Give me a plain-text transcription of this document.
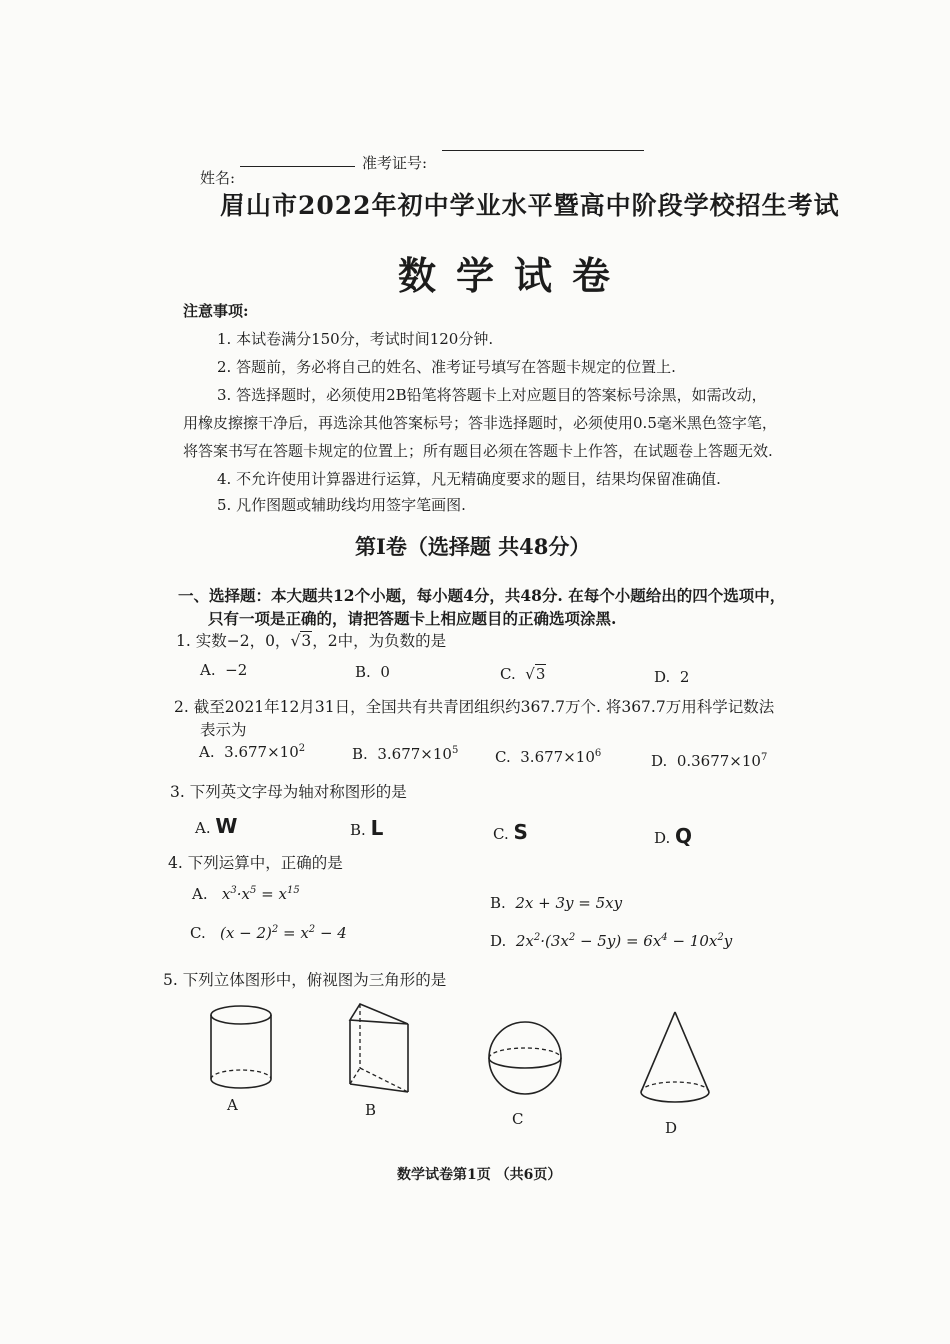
姓名:
准考证号:
眉山市2022年初中学业水平暨高中阶段学校招生考试
数学试卷
注意事项:
1. 本试卷满分150分，考试时间120分钟.
2. 答题前，务必将自己的姓名、准考证号填写在答题卡规定的位置上.
3. 答选择题时，必须使用2B铅笔将答题卡上对应题目的答案标号涂黑，如需改动，
用橡皮擦擦干净后，再选涂其他答案标号；答非选择题时，必须使用0.5毫米黑色签字笔，
将答案书写在答题卡规定的位置上；所有题目必须在答题卡上作答，在试题卷上答题无效.
4. 不允许使用计算器进行运算，凡无精确度要求的题目，结果均保留准确值.
5. 凡作图题或辅助线均用签字笔画图.
第Ⅰ卷（选择题 共48分）
一、选择题：本大题共12个小题，每小题4分，共48分. 在每个小题给出的四个选项中，
只有一项是正确的，请把答题卡上相应题目的正确选项涂黑.
1. 实数−2，0，√3，2中，为负数的是
A. −2	B. 0	C. √3	D. 2
2. 截至2021年12月31日，全国共有共青团组织约367.7万个. 将367.7万用科学记数法
表示为
A. $3.677\times 10^2$	B. $3.677\times 10^5$ C. $3.677\times 10^6$	D. $0.3677\times 10^7$
3. 下列英文字母为轴对称图形的是
A. W	B. L	C. S	D. Q
4. 下列运算中，正确的是
A. $x^3\cdot x^5 = x^{15}$
B. 2x + 3y = 5xy
C. $(x - 2)^2 = x^2 - 4$	D. $2x^2\cdot(3x^2 - 5y) = 6x^4 - 10x^2y$
5. 下列立体图形中，俯视图为三角形的是
A	B	C	D
数学试卷第1页 （共6页）
